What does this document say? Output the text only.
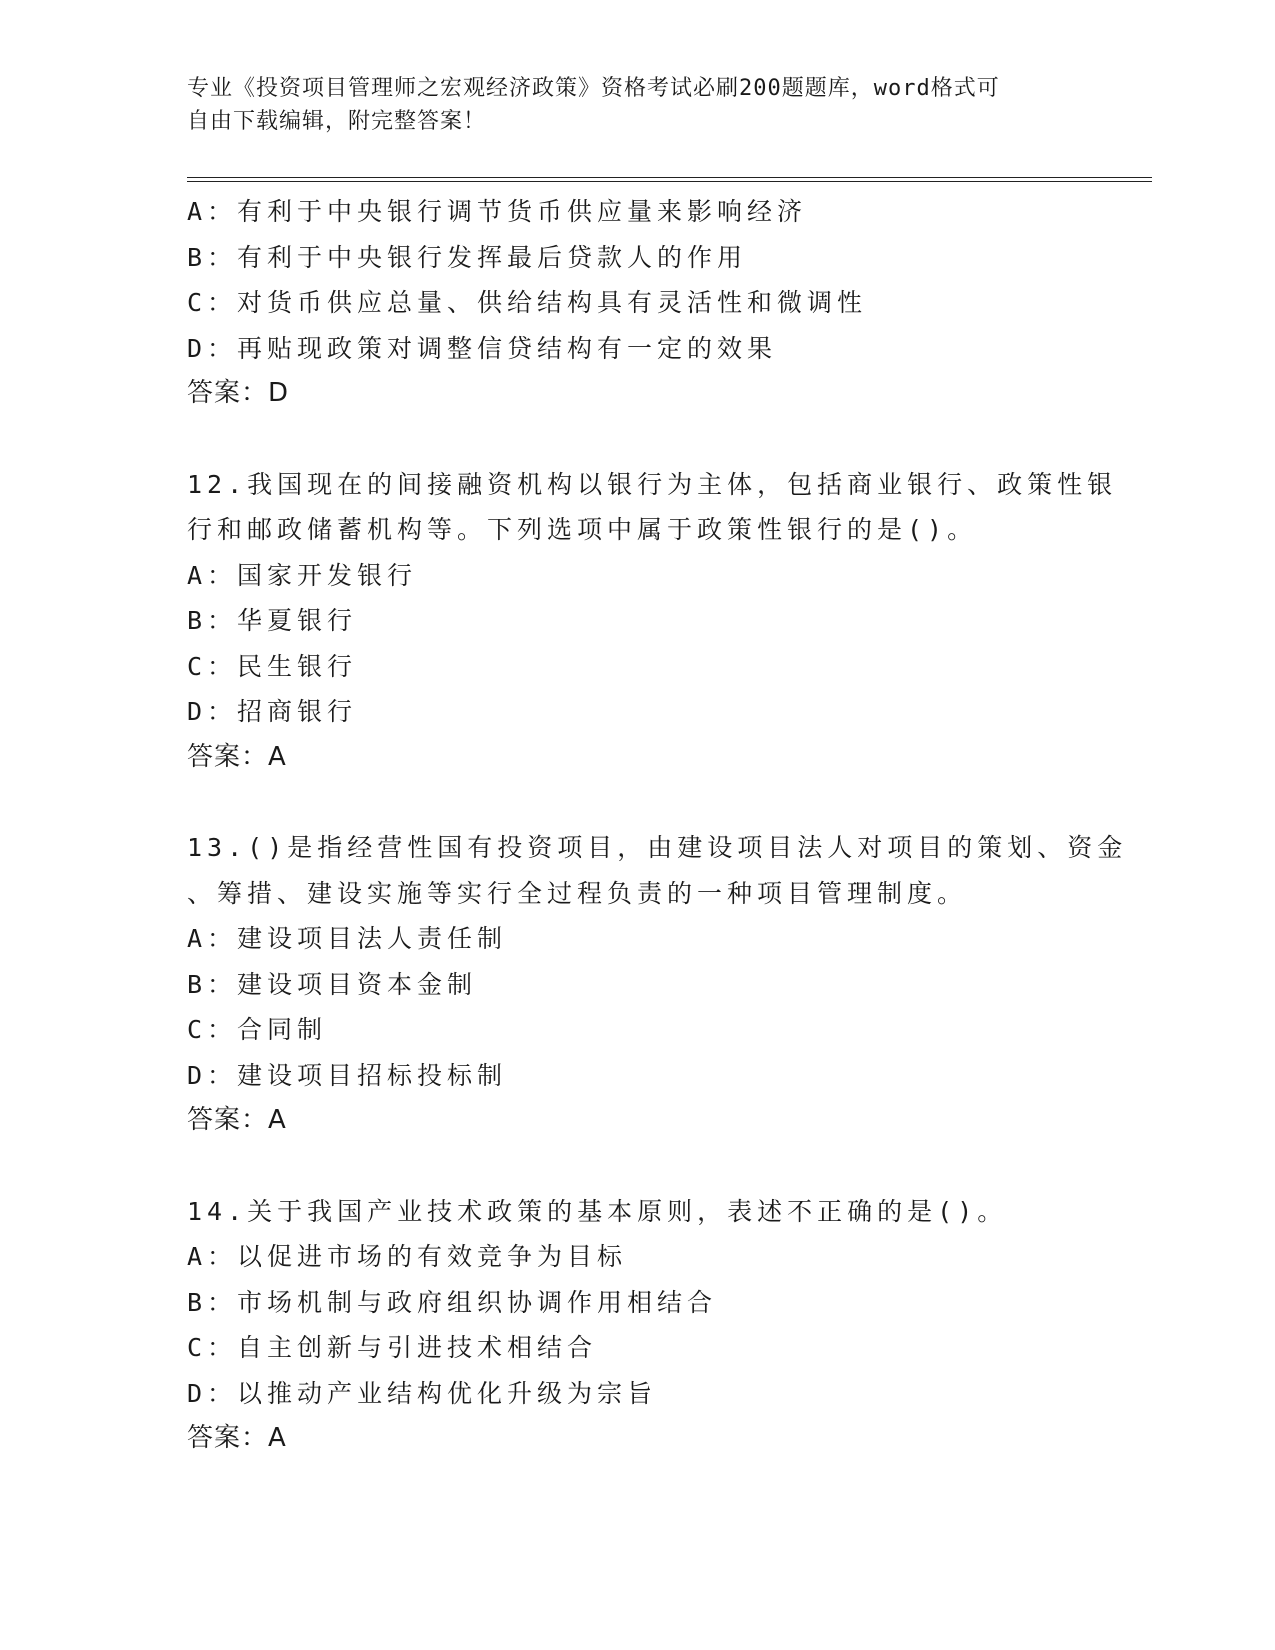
专业《投资项目管理师之宏观经济政策》资格考试必刷200题题库，word格式可
自由下载编辑，附完整答案！
A：有利于中央银行调节货币供应量来影响经济
B：有利于中央银行发挥最后贷款人的作用
C：对货币供应总量、供给结构具有灵活性和微调性
D：再贴现政策对调整信贷结构有一定的效果
答案：D
12.我国现在的间接融资机构以银行为主体，包括商业银行、政策性银
行和邮政储蓄机构等。下列选项中属于政策性银行的是()。
A：国家开发银行
B：华夏银行
C：民生银行
D：招商银行
答案：A
13.()是指经营性国有投资项目，由建设项目法人对项目的策划、资金
、筹措、建设实施等实行全过程负责的一种项目管理制度。
A：建设项目法人责任制
B：建设项目资本金制
C：合同制
D：建设项目招标投标制
答案：A
14.关于我国产业技术政策的基本原则，表述不正确的是()。
A：以促进市场的有效竞争为目标
B：市场机制与政府组织协调作用相结合
C：自主创新与引进技术相结合
D：以推动产业结构优化升级为宗旨
答案：A
